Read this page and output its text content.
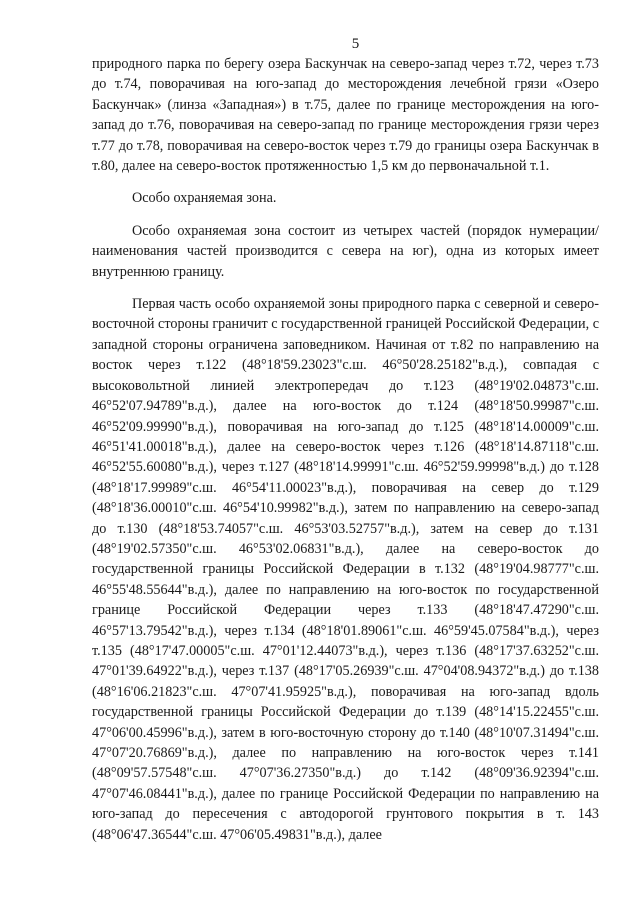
5

природного парка по берегу озера Баскунчак на северо-запад через т.72, через т.73 до т.74, поворачивая на юго-запад до месторождения лечебной грязи «Озеро Баскунчак» (линза «Западная») в т.75, далее по границе месторождения на юго-запад до т.76, поворачивая на северо-запад по границе месторождения грязи через т.77 до т.78, поворачивая на северо-восток через т.79 до границы озера Баскунчак в т.80, далее на северо-восток протяженностью 1,5 км до первоначальной т.1.

Особо охраняемая зона.

Особо охраняемая зона состоит из четырех частей (порядок нумерации/наименования частей производится с севера на юг), одна из которых имеет внутреннюю границу.

Первая часть особо охраняемой зоны природного парка с северной и северо-восточной стороны граничит с государственной границей Российской Федерации, с западной стороны ограничена заповедником. Начиная от т.82 по направлению на восток через т.122 (48°18'59.23023"с.ш. 46°50'28.25182"в.д.), совпадая с высоковольтной линией электропередач до т.123 (48°19'02.04873"с.ш. 46°52'07.94789"в.д.), далее на юго-восток до т.124 (48°18'50.99987"с.ш. 46°52'09.99990"в.д.), поворачивая на юго-запад до т.125 (48°18'14.00009"с.ш. 46°51'41.00018"в.д.), далее на северо-восток через т.126 (48°18'14.87118"с.ш. 46°52'55.60080"в.д.), через т.127 (48°18'14.99991"с.ш. 46°52'59.99998"в.д.) до т.128 (48°18'17.99989"с.ш. 46°54'11.00023"в.д.), поворачивая на север до т.129 (48°18'36.00010"с.ш. 46°54'10.99982"в.д.), затем по направлению на северо-запад до т.130 (48°18'53.74057"с.ш. 46°53'03.52757"в.д.), затем на север до т.131 (48°19'02.57350"с.ш. 46°53'02.06831"в.д.), далее на северо-восток до государственной границы Российской Федерации в т.132 (48°19'04.98777"с.ш. 46°55'48.55644"в.д.), далее по направлению на юго-восток по государственной границе Российской Федерации через т.133 (48°18'47.47290"с.ш. 46°57'13.79542"в.д.), через т.134 (48°18'01.89061"с.ш. 46°59'45.07584"в.д.), через т.135 (48°17'47.00005"с.ш. 47°01'12.44073"в.д.), через т.136 (48°17'37.63252"с.ш. 47°01'39.64922"в.д.), через т.137 (48°17'05.26939"с.ш. 47°04'08.94372"в.д.) до т.138 (48°16'06.21823"с.ш. 47°07'41.95925"в.д.), поворачивая на юго-запад вдоль государственной границы Российской Федерации до т.139 (48°14'15.22455"с.ш. 47°06'00.45996"в.д.), затем в юго-восточную сторону до т.140 (48°10'07.31494"с.ш. 47°07'20.76869"в.д.), далее по направлению на юго-восток через т.141 (48°09'57.57548"с.ш. 47°07'36.27350"в.д.) до т.142 (48°09'36.92394"с.ш. 47°07'46.08441"в.д.), далее по границе Российской Федерации по направлению на юго-запад до пересечения с автодорогой грунтового покрытия в т. 143 (48°06'47.36544"с.ш. 47°06'05.49831"в.д.), далее
